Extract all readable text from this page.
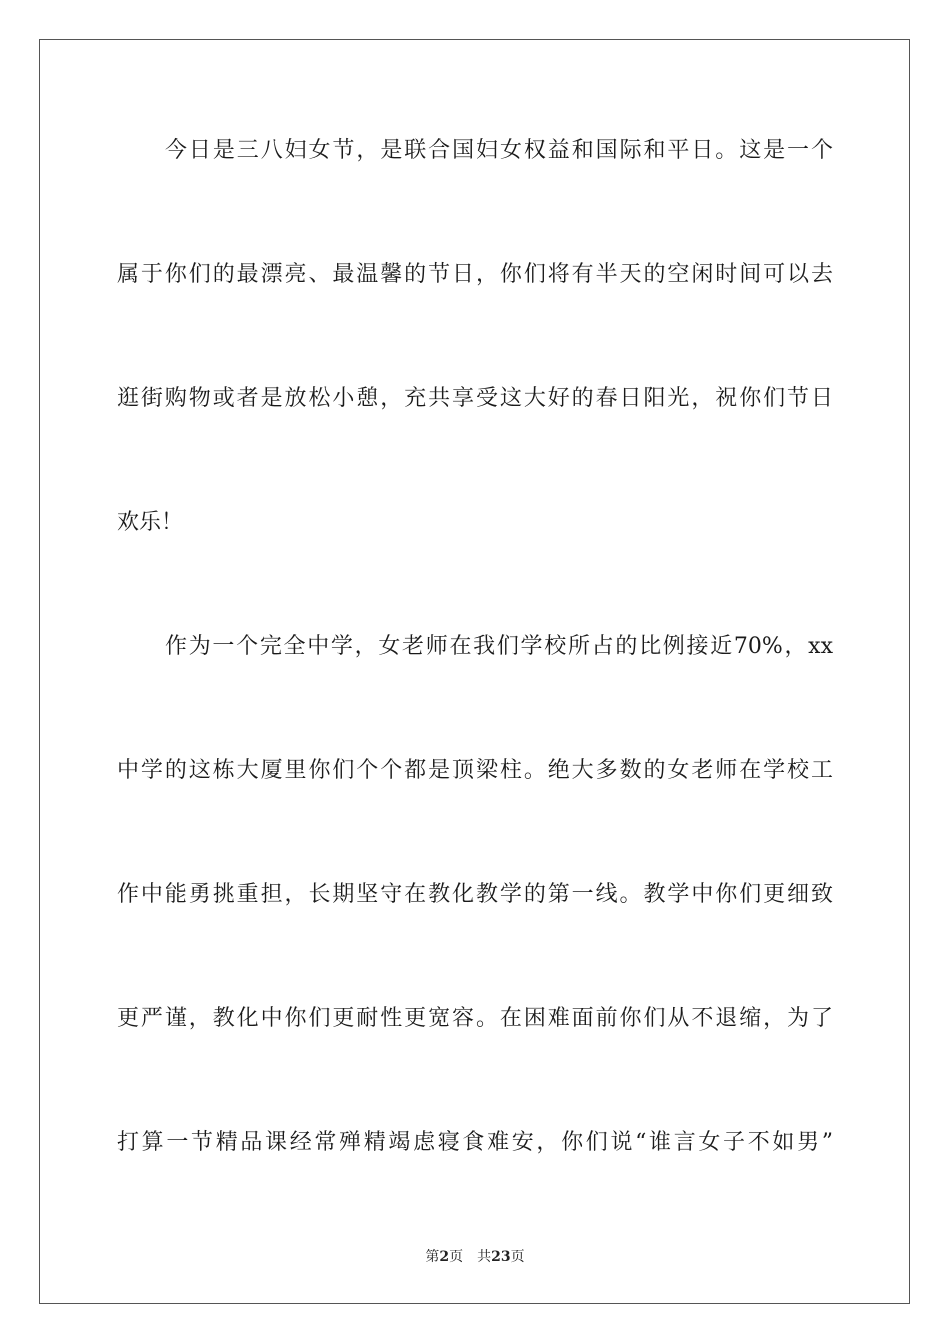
今日是三八妇女节，是联合国妇女权益和国际和平日。这是一个
属于你们的最漂亮、最温馨的节日，你们将有半天的空闲时间可以去
逛街购物或者是放松小憩，充共享受这大好的春日阳光，祝你们节日
欢乐！
作为一个完全中学，女老师在我们学校所占的比例接近70%，xx
中学的这栋大厦里你们个个都是顶梁柱。绝大多数的女老师在学校工
作中能勇挑重担，长期坚守在教化教学的第一线。教学中你们更细致
更严谨，教化中你们更耐性更宽容。在困难面前你们从不退缩，为了
打算一节精品课经常殚精竭虑寝食难安，你们说“谁言女子不如男”
第2页 共23页
